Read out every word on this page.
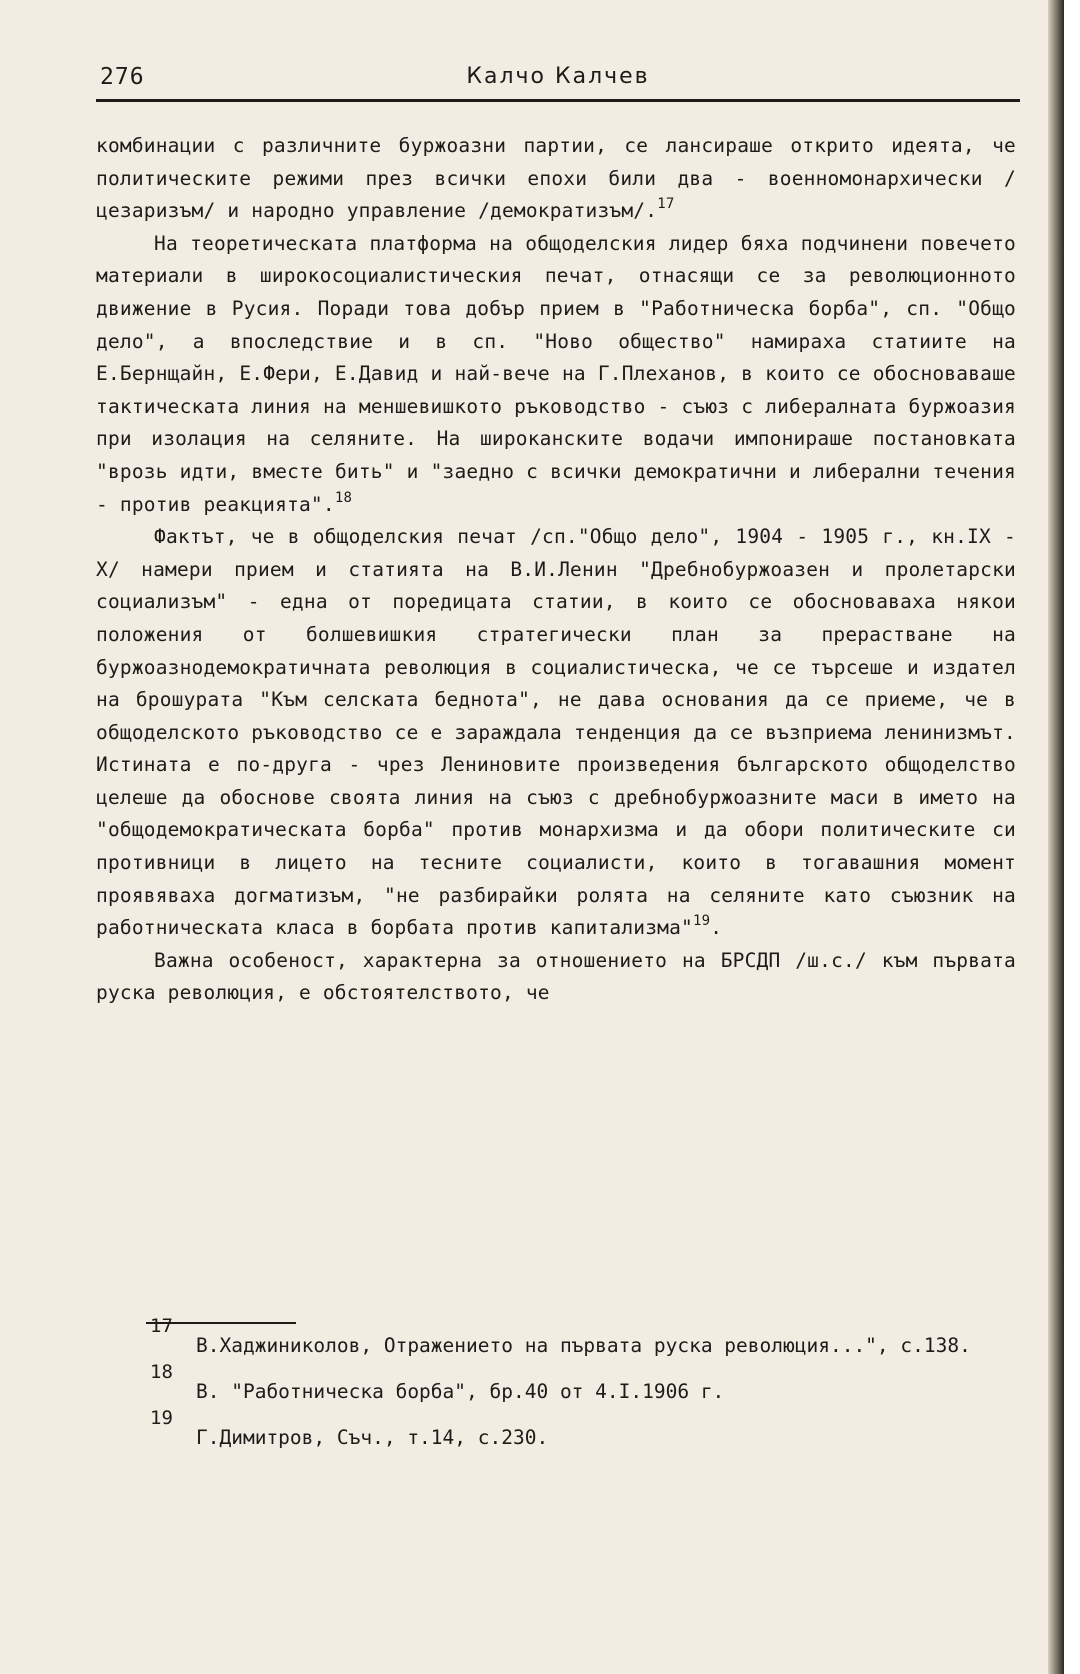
276	Калчо Калчев

комбинации с различните буржоазни партии, се лансираше открито идеята, че политическите режими през всички епохи били два - военномонархически /цезаризъм/ и народно управление /демократизъм/.$^{17}$

На теоретическата платформа на общоделския лидер бяха подчинени повечето материали в широкосоциалистическия печат, отнасящи се за революционното движение в Русия. Поради това добър прием в "Работническа борба", сп. "Общо дело", а впоследствие и в сп. "Ново общество" намираха статиите на Е.Бернщайн, Е.Фери, Е.Давид и най-вече на Г.Плеханов, в които се обосноваваше тактическата линия на меншевишкото ръководство - съюз с либералната буржоазия при изолация на селяните. На широканските водачи импонираше постановката "врозь идти, вместе бить" и "заедно с всички демократични и либерални течения - против реакцията".$^{18}$

Фактът, че в общоделския печат /сп."Общо дело", 1904 - 1905 г., кн.IX - X/ намери прием и статията на В.И.Ленин "Дребнобуржоазен и пролетарски социализъм" - една от поредицата статии, в които се обосноваваха някои положения от болшевишкия стратегически план за прерастване на буржоазнодемократичната революция в социалистическа, че се търсеше и издател на брошурата "Към селската беднота", не дава основания да се приеме, че в общоделското ръководство се е зараждала тенденция да се възприема ленинизмът. Истината е по-друга - чрез Лениновите произведения българското общоделство целеше да обоснове своята линия на съюз с дребнобуржоазните маси в името на "общодемократическата борба" против монархизма и да обори политическите си противници в лицето на тесните социалисти, които в тогавашния момент проявяваха догматизъм, "не разбирайки ролята на селяните като съюзник на работническата класа в борбата против капитализма"$^{19}$.

Важна особеност, характерна за отношението на БРСДП /ш.с./ към първата руска революция, е обстоятелството, че

17
В.Хаджиниколов, Отражението на първата руска революция...", с.138.

18
В. "Работническа борба", бр.40 от 4.I.1906 г.

19
Г.Димитров, Съч., т.14, с.230.
